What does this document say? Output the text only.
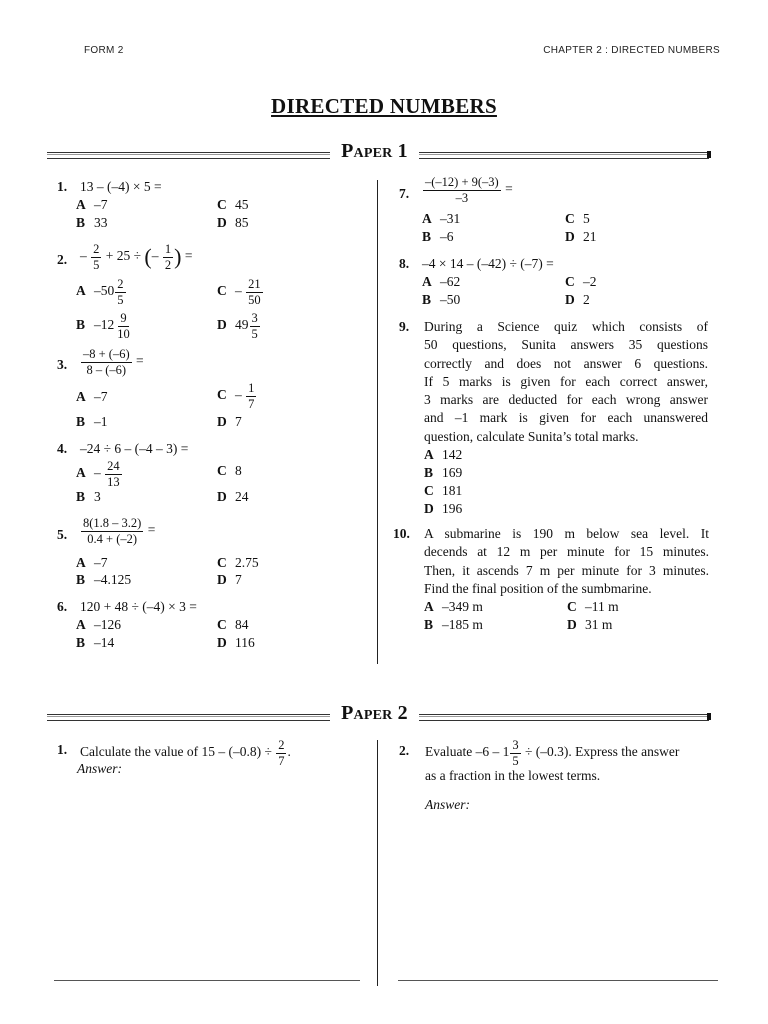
FORM 2	CHAPTER 2 : DIRECTED NUMBERS
DIRECTED NUMBERS
Paper 1
1. 13 – (–4) × 5 =
A –7
B 33
C 45
D 85
2. – $\frac{2}{5} + 25$ ÷ (– $\frac{1}{2}$ ) =
A $-50 \frac{2}{5}$
B $-12 \frac{9}{10}$
C – $\frac{21}{50}$
D $49 \frac{3}{5}$
3. $\frac{-8 + (-6)}{8 - (-6)}$ =
A –7
B –1
C – $\frac{1}{7}$
D 7
4. –24 ÷ 6 – (–4 – 3) =
A – $\frac{24}{13}$
B 3
C 8
D 24
5. $\frac{8(1.8 - 3.2)}{0.4 + (-2)}$ =
A –7
B –4.125
C 2.75
D 7
6. 120 + 48 ÷ (–4) × 3 =
A –126
B –14
C 84
D 116
7. $\frac{-(-12) + 9(-3)}{-3}$ =
A –31
B –6
C 5
D 21
8. –4 × 14 – (–42) ÷ (–7) =
A –62
B –50
C –2
D 2
9. During a Science quiz which consists of
50 questions, Sunita answers 35 questions
correctly and does not answer 6 questions.
If 5 marks is given for each correct answer,
3 marks are deducted for each wrong answer
and –1 mark is given for each unanswered
question, calculate Sunita’s total marks.
A 142
B 169
C 181
D 196
10. A submarine is 190 m below sea level. It
decends at 12 m per minute for 15 minutes.
Then, it ascends 7 m per minute for 3 minutes.
Find the final position of the sumbmarine.
A –349 m
B –185 m
C –11 m
D 31 m
Paper 2
1. Calculate the value of $15 - (-0.8) \div \frac{2}{7}$ .
Answer:
2. Evaluate $-6 - 1 \frac{3}{5} \div (-0.3)$. Express the answer
as a fraction in the lowest terms.
Answer:
